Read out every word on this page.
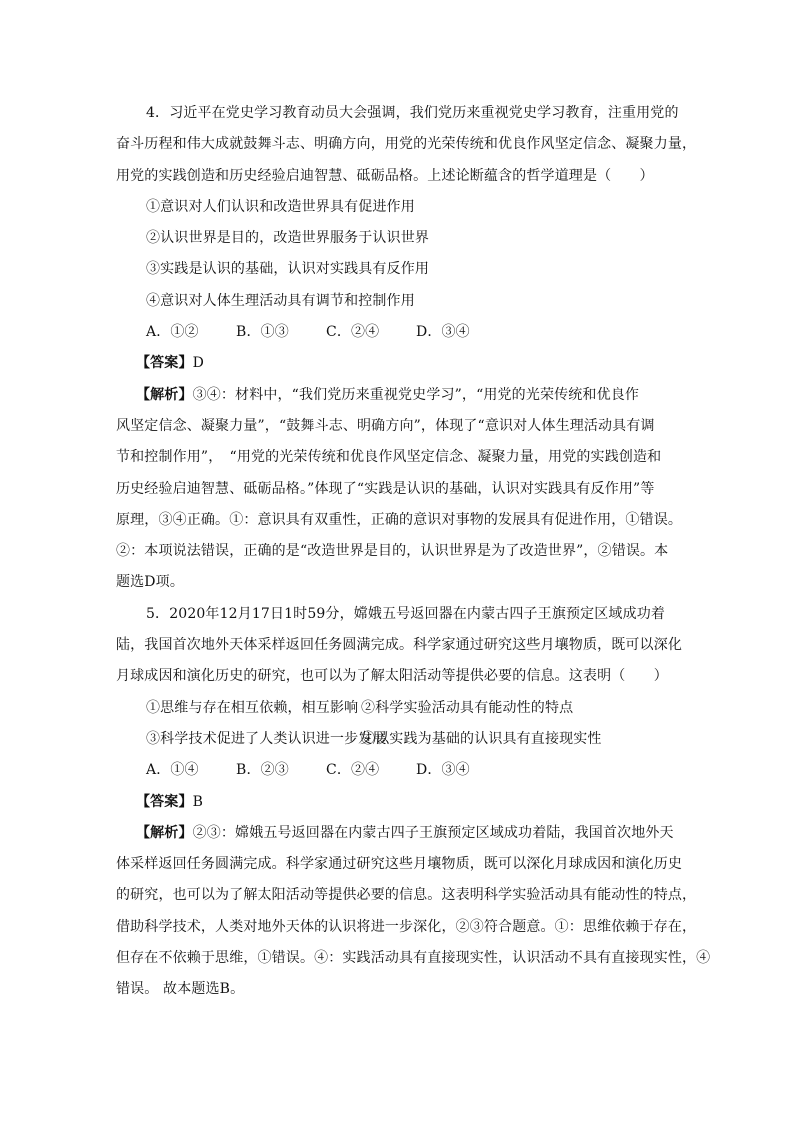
4．习近平在党史学习教育动员大会强调，我们党历来重视党史学习教育，注重用党的
奋斗历程和伟大成就鼓舞斗志、明确方向，用党的光荣传统和优良作风坚定信念、凝聚力量，
用党的实践创造和历史经验启迪智慧、砥砺品格。上述论断蕴含的哲学道理是（　　）
①意识对人们认识和改造世界具有促进作用
②认识世界是目的，改造世界服务于认识世界
③实践是认识的基础，认识对实践具有反作用
④意识对人体生理活动具有调节和控制作用
A．①②	B．①③	C．②④	D．③④
【答案】D
【解析】③④：材料中，“我们党历来重视党史学习”，“用党的光荣传统和优良作
风坚定信念、凝聚力量”，“鼓舞斗志、明确方向”，体现了“意识对人体生理活动具有调
节和控制作用”，　“用党的光荣传统和优良作风坚定信念、凝聚力量，用党的实践创造和
历史经验启迪智慧、砥砺品格。”体现了“实践是认识的基础，认识对实践具有反作用”等
原理，③④正确。①：意识具有双重性，正确的意识对事物的发展具有促进作用，①错误。
②：本项说法错误，正确的是“改造世界是目的，认识世界是为了改造世界”，②错误。本
题选D项。
5．2020年12月17日1时59分，嫦娥五号返回器在内蒙古四子王旗预定区域成功着
陆，我国首次地外天体采样返回任务圆满完成。科学家通过研究这些月壤物质，既可以深化
月球成因和演化历史的研究，也可以为了解太阳活动等提供必要的信息。这表明（　　）
①思维与存在相互依赖，相互影响 ②科学实验活动具有能动性的特点
③科学技术促进了人类认识进一步发展
④以实践为基础的认识具有直接现实性
A．①④	B．②③	C．②④	D．③④
【答案】B
【解析】②③：嫦娥五号返回器在内蒙古四子王旗预定区域成功着陆，我国首次地外天
体采样返回任务圆满完成。科学家通过研究这些月壤物质，既可以深化月球成因和演化历史
的研究，也可以为了解太阳活动等提供必要的信息。这表明科学实验活动具有能动性的特点，
借助科学技术，人类对地外天体的认识将进一步深化，②③符合题意。①：思维依赖于存在，
但存在不依赖于思维，①错误。④：实践活动具有直接现实性，认识活动不具有直接现实性，④
错误。 故本题选B。
